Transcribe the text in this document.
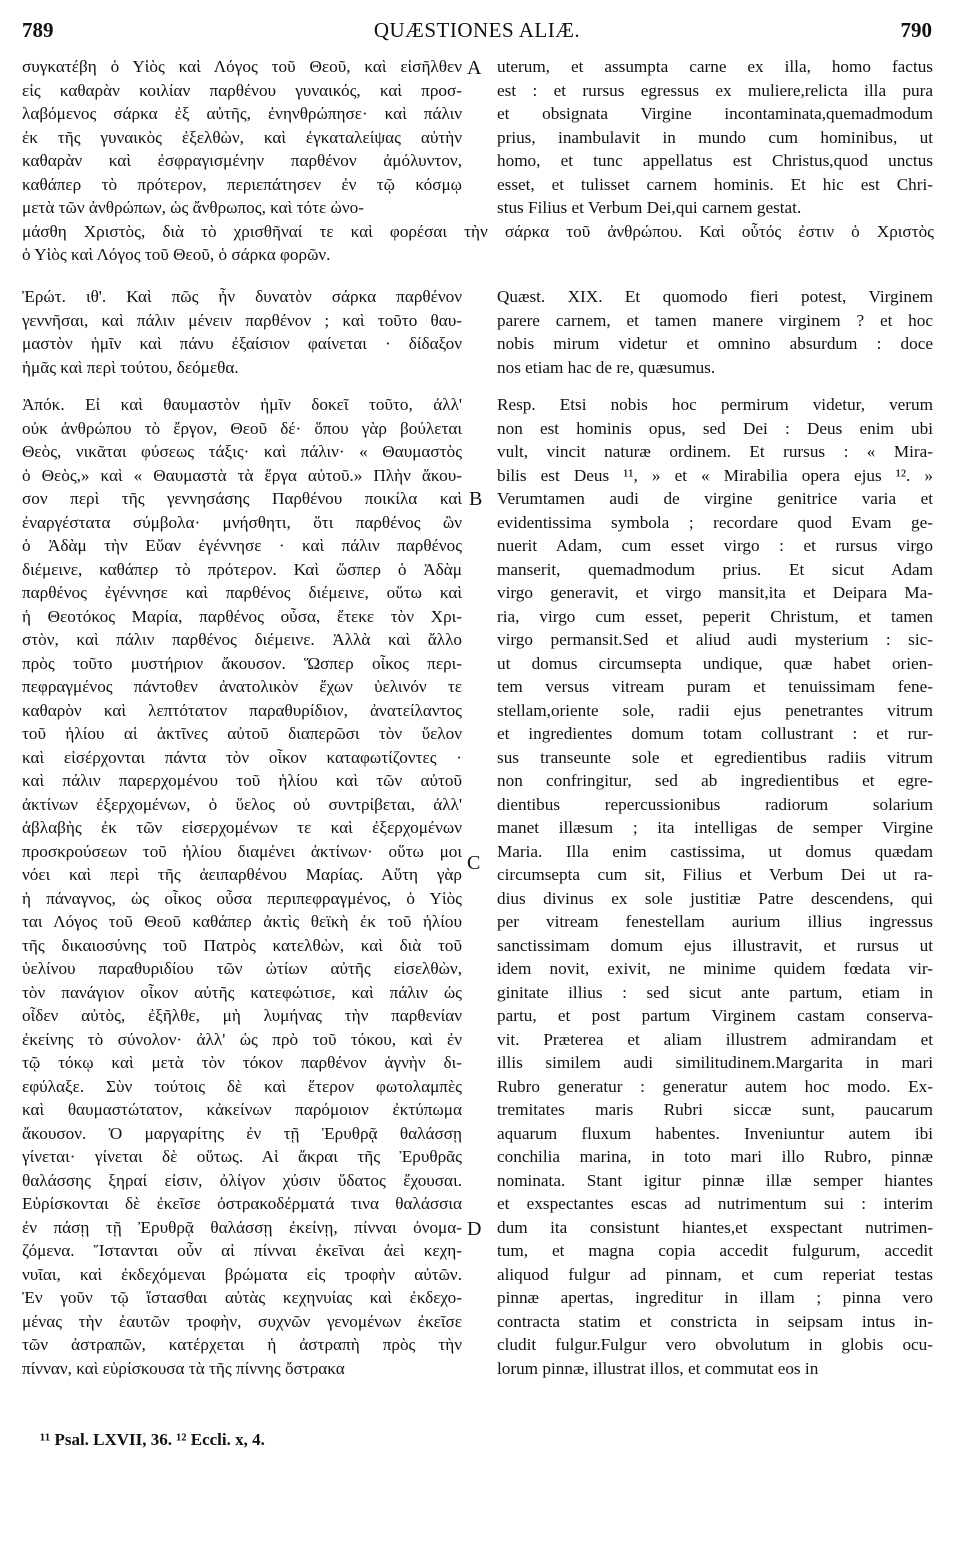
789	QUÆSTIONES ALIÆ.	790
συγκατέβη ὁ Υἱὸς καὶ Λόγος τοῦ Θεοῦ, καὶ εἰσῆλθεν
εἰς καθαρὰν κοιλίαν παρθένου γυναικός, καὶ προσ-
λαβόμενος σάρκα ἐξ αὐτῆς, ἐνηνθρώπησε· καὶ πάλιν
ἐκ τῆς γυναικὸς ἐξελθὼν, καὶ ἐγκαταλείψας αὐτὴν
καθαρὰν καὶ ἐσφραγισμένην παρθένον ἀμόλυντον,
καθάπερ τὸ πρότερον, περιεπάτησεν ἐν τῷ κόσμῳ
μετὰ τῶν ἀνθρώπων, ὡς ἄνθρωπος, καὶ τότε ὠνο-
uterum, et assumpta carne ex illa, homo factus
est : et rursus egressus ex muliere,relicta illa pura
et obsignata Virgine incontaminata,quemadmodum
prius, inambulavit in mundo cum hominibus, ut
homo, et tunc appellatus est Christus,quod unctus
esset, et tulisset carnem hominis. Et hic est Chri-
stus Filius et Verbum Dei,qui carnem gestat.
μάσθη Χριστὸς, διὰ τὸ χρισθῆναί τε καὶ φορέσαι τὴν σάρκα τοῦ ἀνθρώπου. Καὶ οὗτός ἐστιν ὁ Χριστὸς
ὁ Υἱὸς καὶ Λόγος τοῦ Θεοῦ, ὁ σάρκα φορῶν.
Ἐρώτ. ιθ'. Καὶ πῶς ἦν δυνατὸν σάρκα παρθένον
γεννῆσαι, καὶ πάλιν μένειν παρθένον ; καὶ τοῦτο θαυ-
μαστὸν ἡμῖν καὶ πάνυ ἐξαίσιον φαίνεται · δίδαξον
ἡμᾶς καὶ περὶ τούτου, δεόμεθα.
Quæst. XIX. Et quomodo fieri potest, Virginem
parere carnem, et tamen manere virginem ? et hoc
nobis mirum videtur et omnino absurdum : doce
nos etiam hac de re, quæsumus.
Ἀπόκ. Εἰ καὶ θαυμαστὸν ἡμῖν δοκεῖ τοῦτο, ἀλλ'
οὐκ ἀνθρώπου τὸ ἔργον, Θεοῦ δέ· ὅπου γὰρ βούλεται
Θεὸς, νικᾶται φύσεως τάξις· καὶ πάλιν· « Θαυμαστὸς
ὁ Θεὸς,» καὶ « Θαυμαστὰ τὰ ἔργα αὐτοῦ.» Πλὴν ἄκου-
σον περὶ τῆς γεννησάσης Παρθένου ποικίλα καὶ
ἐναργέστατα σύμβολα· μνήσθητι, ὅτι παρθένος ὢν
ὁ Ἀδὰμ τὴν Εὔαν ἐγέννησε · καὶ πάλιν παρθένος
διέμεινε, καθάπερ τὸ πρότερον. Καὶ ὥσπερ ὁ Ἀδὰμ
παρθένος ἐγέννησε καὶ παρθένος διέμεινε, οὕτω καὶ
ἡ Θεοτόκος Μαρία, παρθένος οὖσα, ἔτεκε τὸν Χρι-
στὸν, καὶ πάλιν παρθένος διέμεινε. Ἀλλὰ καὶ ἄλλο
πρὸς τοῦτο μυστήριον ἄκουσον. Ὥσπερ οἶκος περι-
πεφραγμένος πάντοθεν ἀνατολικὸν ἔχων ὑελινόν τε
καθαρὸν καὶ λεπτότατον παραθυρίδιον, ἀνατείλαντος
τοῦ ἡλίου αἱ ἀκτῖνες αὐτοῦ διαπερῶσι τὸν ὕελον
καὶ εἰσέρχονται πάντα τὸν οἶκον καταφωτίζοντες ·
καὶ πάλιν παρερχομένου τοῦ ἡλίου καὶ τῶν αὐτοῦ
ἀκτίνων ἐξερχομένων, ὁ ὕελος οὐ συντρίβεται, ἀλλ'
ἀβλαβὴς ἐκ τῶν εἰσερχομένων τε καὶ ἐξερχομένων
προσκρούσεων τοῦ ἡλίου διαμένει ἀκτίνων· οὕτω μοι
νόει καὶ περὶ τῆς ἀειπαρθένου Μαρίας. Αὕτη γὰρ
ἡ πάναγνος, ὡς οἶκος οὖσα περιπεφραγμένος, ὁ Υἱὸς
ται Λόγος τοῦ Θεοῦ καθάπερ ἀκτὶς θεϊκὴ ἐκ τοῦ ἡλίου
τῆς δικαιοσύνης τοῦ Πατρὸς κατελθὼν, καὶ διὰ τοῦ
ὑελίνου παραθυριδίου τῶν ὠτίων αὐτῆς εἰσελθὼν,
τὸν πανάγιον οἶκον αὐτῆς κατεφώτισε, καὶ πάλιν ὡς
οἶδεν αὐτὸς, ἐξῆλθε, μὴ λυμήνας τὴν παρθενίαν
ἐκείνης τὸ σύνολον· ἀλλ' ὡς πρὸ τοῦ τόκου, καὶ ἐν
τῷ τόκῳ καὶ μετὰ τὸν τόκον παρθένον ἁγνὴν δι-
εφύλαξε. Σὺν τούτοις δὲ καὶ ἕτερον φωτολαμπὲς
καὶ θαυμαστώτατον, κἀκείνων παρόμοιον ἐκτύπωμα
ἄκουσον. Ὁ μαργαρίτης ἐν τῇ Ἐρυθρᾷ θαλάσσῃ
γίνεται· γίνεται δὲ οὕτως. Αἱ ἄκραι τῆς Ἐρυθρᾶς
θαλάσσης ξηραί εἰσιν, ὀλίγον χύσιν ὕδατος ἔχουσαι.
Εὑρίσκονται δὲ ἐκεῖσε ὀστρακοδέρματά τινα θαλάσσια
ἐν πάσῃ τῇ Ἐρυθρᾷ θαλάσσῃ ἐκείνῃ, πίνναι ὀνομα-
ζόμενα. Ἵστανται οὖν αἱ πίνναι ἐκεῖναι ἀεὶ κεχη-
νυῖαι, καὶ ἐκδεχόμεναι βρώματα εἰς τροφὴν αὐτῶν.
Ἐν γοῦν τῷ ἵστασθαι αὐτὰς κεχηνυίας καὶ ἐκδεχο-
μένας τὴν ἑαυτῶν τροφὴν, συχνῶν γενομένων ἐκεῖσε
τῶν ἀστραπῶν, κατέρχεται ἡ ἀστραπὴ πρὸς τὴν
πίνναν, καὶ εὑρίσκουσα τὰ τῆς πίννης ὄστρακα
Resp. Etsi nobis hoc permirum videtur, verum
non est hominis opus, sed Dei : Deus enim ubi
vult, vincit naturæ ordinem. Et rursus : « Mira-
bilis est Deus ¹¹, » et « Mirabilia opera ejus ¹². »
Verumtamen audi de virgine genitrice varia et
evidentissima symbola ; recordare quod Evam ge-
nuerit Adam, cum esset virgo : et rursus virgo
manserit, quemadmodum prius. Et sicut Adam
virgo generavit, et virgo mansit,ita et Deipara Ma-
ria, virgo cum esset, peperit Christum, et tamen
virgo permansit.Sed et aliud audi mysterium : sic-
ut domus circumsepta undique, quæ habet orien-
tem versus vitream puram et tenuissimam fene-
stellam,oriente sole, radii ejus penetrantes vitrum
et ingredientes domum totam collustrant : et rur-
sus transeunte sole et egredientibus radiis vitrum
non confringitur, sed ab ingredientibus et egre-
dientibus repercussionibus radiorum solarium
manet illæsum ; ita intelligas de semper Virgine
Maria. Illa enim castissima, ut domus quædam
circumsepta cum sit, Filius et Verbum Dei ut ra-
dius divinus ex sole justitiæ Patre descendens, qui
per vitream fenestellam aurium illius ingressus
sanctissimam domum ejus illustravit, et rursus ut
idem novit, exivit, ne minime quidem fœdata vir-
ginitate illius : sed sicut ante partum, etiam in
partu, et post partum Virginem castam conserva-
vit. Præterea et aliam illustrem admirandam et
illis similem audi similitudinem.Margarita in mari
Rubro generatur : generatur autem hoc modo. Ex-
tremitates maris Rubri siccæ sunt, paucarum
aquarum fluxum habentes. Inveniuntur autem ibi
conchilia marina, in toto mari illo Rubro, pinnæ
nominata. Stant igitur pinnæ illæ semper hiantes
et exspectantes escas ad nutrimentum sui : interim
dum ita consistunt hiantes,et exspectant nutrimen-
tum, et magna copia accedit fulgurum, accedit
aliquod fulgur ad pinnam, et cum reperiat testas
pinnæ apertas, ingreditur in illam ; pinna vero
contracta statim et constricta in seipsam intus in-
cludit fulgur.Fulgur vero obvolutum in globis ocu-
lorum pinnæ, illustrat illos, et commutat eos in
A
B
C
D
¹¹ Psal. LXVII, 36. ¹² Eccli. x, 4.
